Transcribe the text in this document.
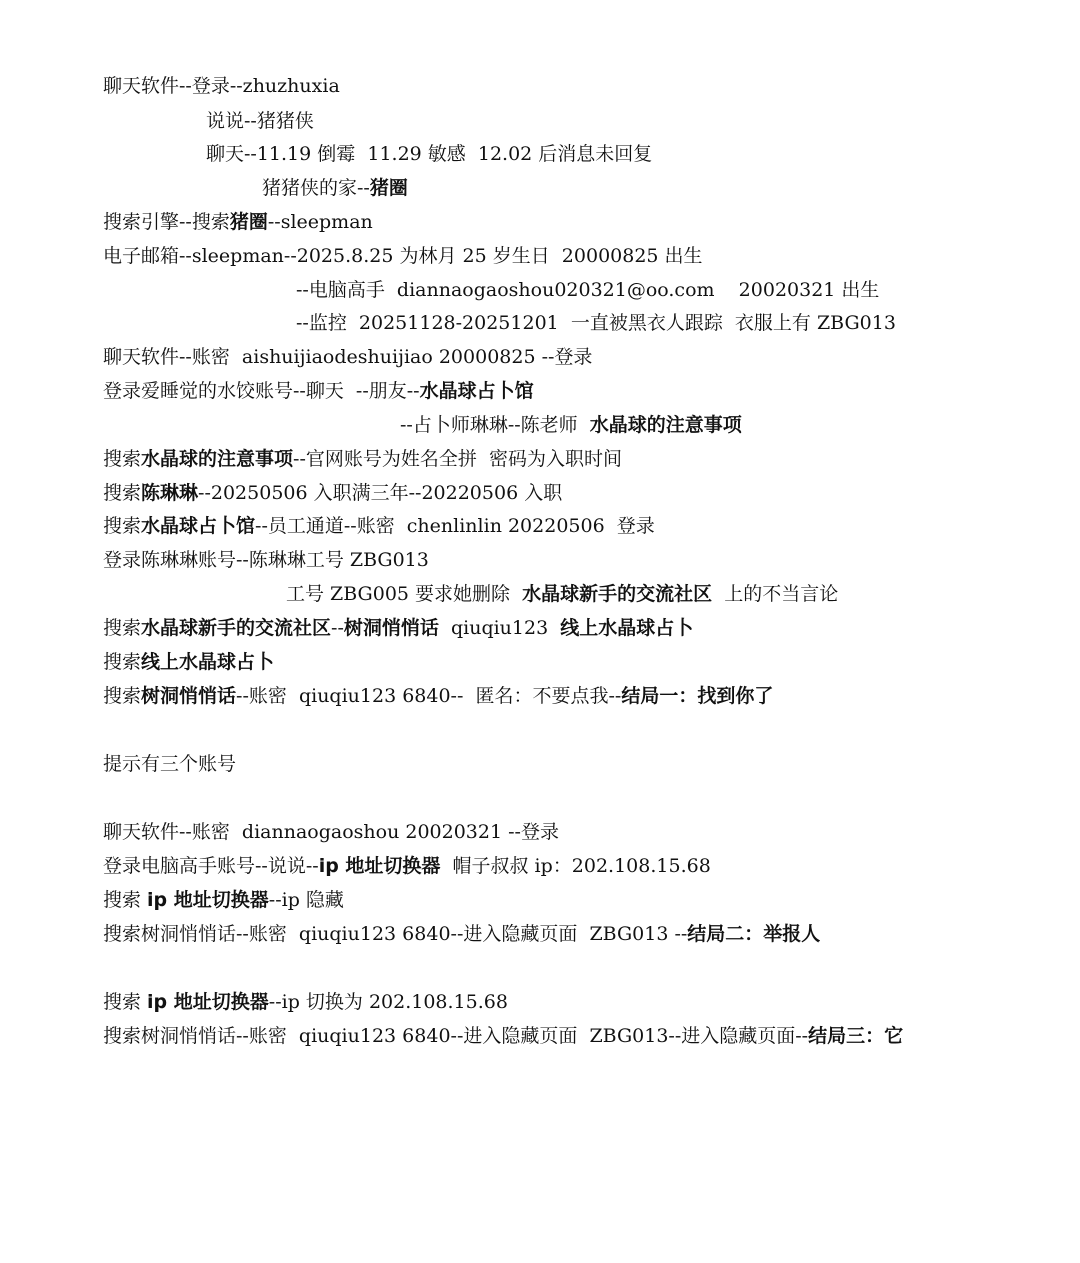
聊天软件--登录--zhuzhuxia
说说--猪猪侠
聊天--11.19 倒霉  11.29 敏感  12.02 后消息未回复
猪猪侠的家--猪圈
搜索引擎--搜索猪圈--sleepman
电子邮箱--sleepman--2025.8.25 为林月 25 岁生日  20000825 出生
--电脑高手  diannaogaoshou020321@oo.com    20020321 出生
--监控  20251128-20251201  一直被黑衣人跟踪  衣服上有 ZBG013
聊天软件--账密  aishuijiaodeshuijiao 20000825 --登录
登录爱睡觉的水饺账号--聊天  --朋友--水晶球占卜馆
--占卜师琳琳--陈老师  水晶球的注意事项
搜索水晶球的注意事项--官网账号为姓名全拼  密码为入职时间
搜索陈琳琳--20250506 入职满三年--20220506 入职
搜索水晶球占卜馆--员工通道--账密  chenlinlin 20220506  登录
登录陈琳琳账号--陈琳琳工号 ZBG013
工号 ZBG005 要求她删除  水晶球新手的交流社区  上的不当言论
搜索水晶球新手的交流社区--树洞悄悄话  qiuqiu123  线上水晶球占卜
搜索线上水晶球占卜
搜索树洞悄悄话--账密  qiuqiu123 6840--  匿名：不要点我--结局一：找到你了
提示有三个账号
聊天软件--账密  diannaogaoshou 20020321 --登录
登录电脑高手账号--说说--ip 地址切换器  帽子叔叔 ip：202.108.15.68
搜索 ip 地址切换器--ip 隐藏
搜索树洞悄悄话--账密  qiuqiu123 6840--进入隐藏页面  ZBG013 --结局二：举报人
搜索 ip 地址切换器--ip 切换为 202.108.15.68
搜索树洞悄悄话--账密  qiuqiu123 6840--进入隐藏页面  ZBG013--进入隐藏页面--结局三：它
